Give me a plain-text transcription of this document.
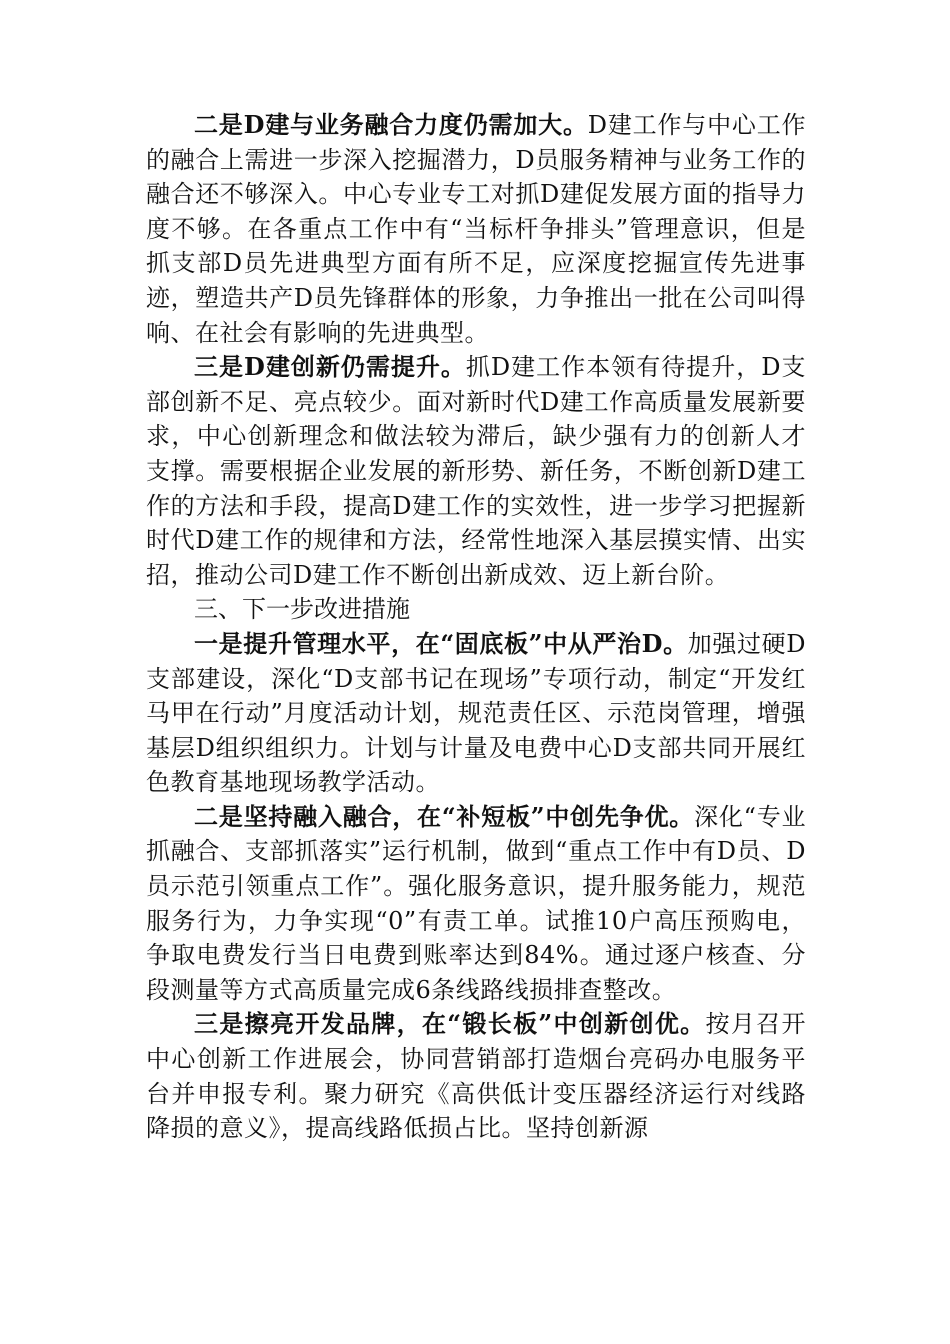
二是D建与业务融合力度仍需加大。D建工作与中心工作的融合上需进一步深入挖掘潜力，D员服务精神与业务工作的融合还不够深入。中心专业专工对抓D建促发展方面的指导力度不够。在各重点工作中有“当标杆争排头”管理意识，但是抓支部D员先进典型方面有所不足，应深度挖掘宣传先进事迹，塑造共产D员先锋群体的形象，力争推出一批在公司叫得响、在社会有影响的先进典型。

三是D建创新仍需提升。抓D建工作本领有待提升，D支部创新不足、亮点较少。面对新时代D建工作高质量发展新要求，中心创新理念和做法较为滞后，缺少强有力的创新人才支撑。需要根据企业发展的新形势、新任务，不断创新D建工作的方法和手段，提高D建工作的实效性，进一步学习把握新时代D建工作的规律和方法，经常性地深入基层摸实情、出实招，推动公司D建工作不断创出新成效、迈上新台阶。

三、下一步改进措施

一是提升管理水平，在“固底板”中从严治D。加强过硬D支部建设，深化“D支部书记在现场”专项行动，制定“开发红马甲在行动”月度活动计划，规范责任区、示范岗管理，增强基层D组织组织力。计划与计量及电费中心D支部共同开展红色教育基地现场教学活动。

二是坚持融入融合，在“补短板”中创先争优。深化“专业抓融合、支部抓落实”运行机制，做到“重点工作中有D员、D员示范引领重点工作”。强化服务意识，提升服务能力，规范服务行为，力争实现“0”有责工单。试推10户高压预购电，争取电费发行当日电费到账率达到84%。通过逐户核查、分段测量等方式高质量完成6条线路线损排查整改。

三是擦亮开发品牌，在“锻长板”中创新创优。按月召开中心创新工作进展会，协同营销部打造烟台亮码办电服务平台并申报专利。聚力研究《高供低计变压器经济运行对线路降损的意义》，提高线路低损占比。坚持创新源
